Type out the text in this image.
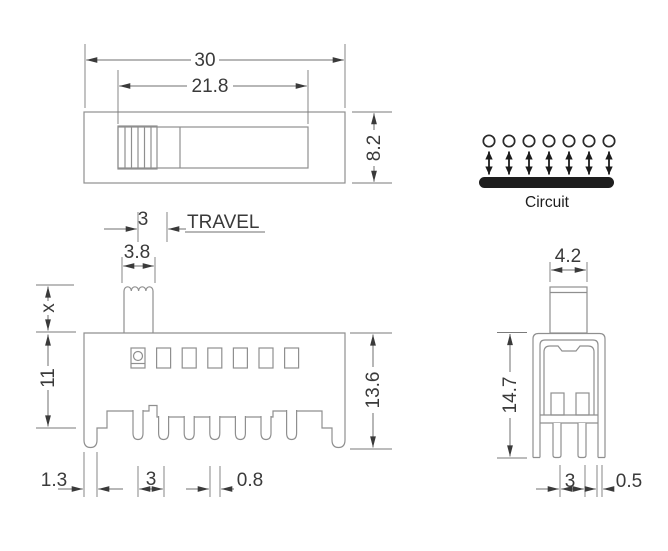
30
21.8
8.2
x
11
3 TRAVEL
3.8
13.6
1.3	3	0.8
Circuit
4.2
14.7
3 0.5
